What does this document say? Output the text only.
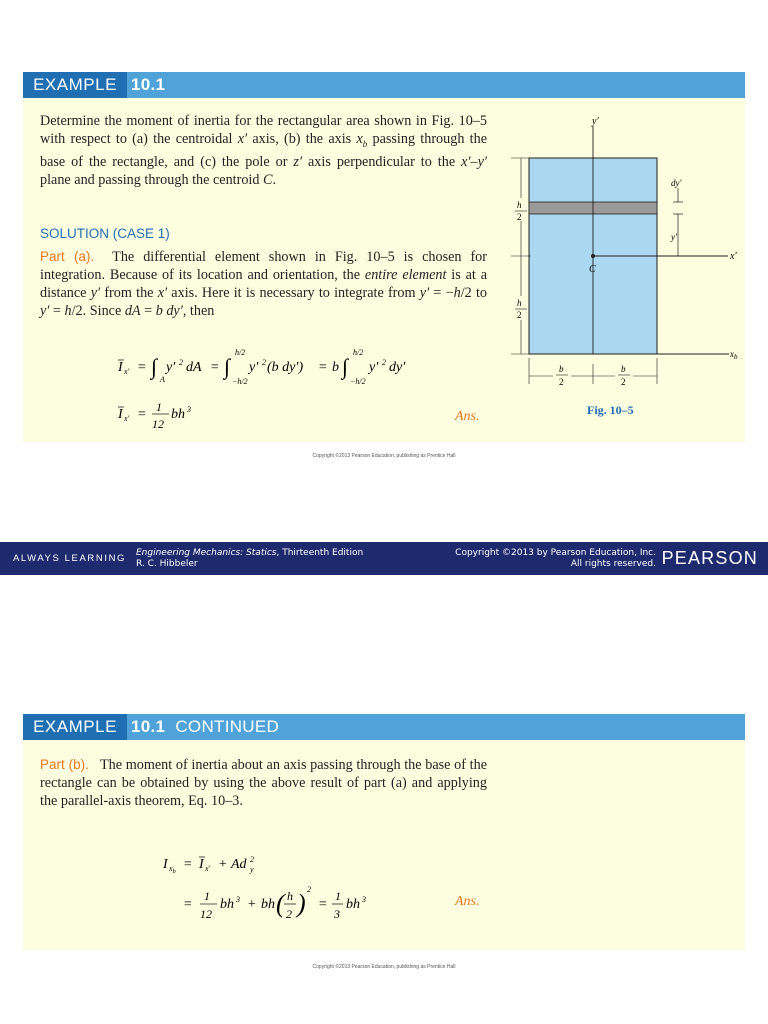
EXAMPLE 10.1
Determine the moment of inertia for the rectangular area shown in Fig. 10–5 with respect to (a) the centroidal x′ axis, (b) the axis $x_b$ passing through the base of the rectangle, and (c) the pole or z′ axis perpendicular to the x′–y′ plane and passing through the centroid C.
SOLUTION (CASE 1)
Part (a).  The differential element shown in Fig. 10–5 is chosen for integration. Because of its location and orientation, the entire element is at a distance y′ from the x′ axis. Here it is necessary to integrate from y′ = −h/2 to y′ = h/2. Since dA = b dy′, then
I x′ = ∫
A
y′ 2 dA = ∫
h/2
−h/2
y′ 2 (b dy′) = b ∫
h/2
−h/2
y′ 2 dy′
I x′ = 1
12
bh 3	Ans.
y′
x′
$x_b$
C
dy′
y′
h
2
h
2
b
2
b
2
Fig. 10–5
Copyright ©2013 Pearson Education, publishing as Prentice Hall
ALWAYS LEARNING Engineering Mechanics: Statics, Thirteenth Edition
R. C. Hibbeler
Copyright ©2013 by Pearson Education, Inc.
All rights reserved. PEARSON
EXAMPLE 10.1 CONTINUED
Part (b).   The moment of inertia about an axis passing through the base of the rectangle can be obtained by using the above result of part (a) and applying the parallel-axis theorem, Eq. 10–3.
I $x_b = I$ x′ + Ad 2
y
=
1
12
bh 3 + bh ( h
2 ) 2
=
1
3
bh 3	Ans.
Copyright ©2013 Pearson Education, publishing as Prentice Hall
